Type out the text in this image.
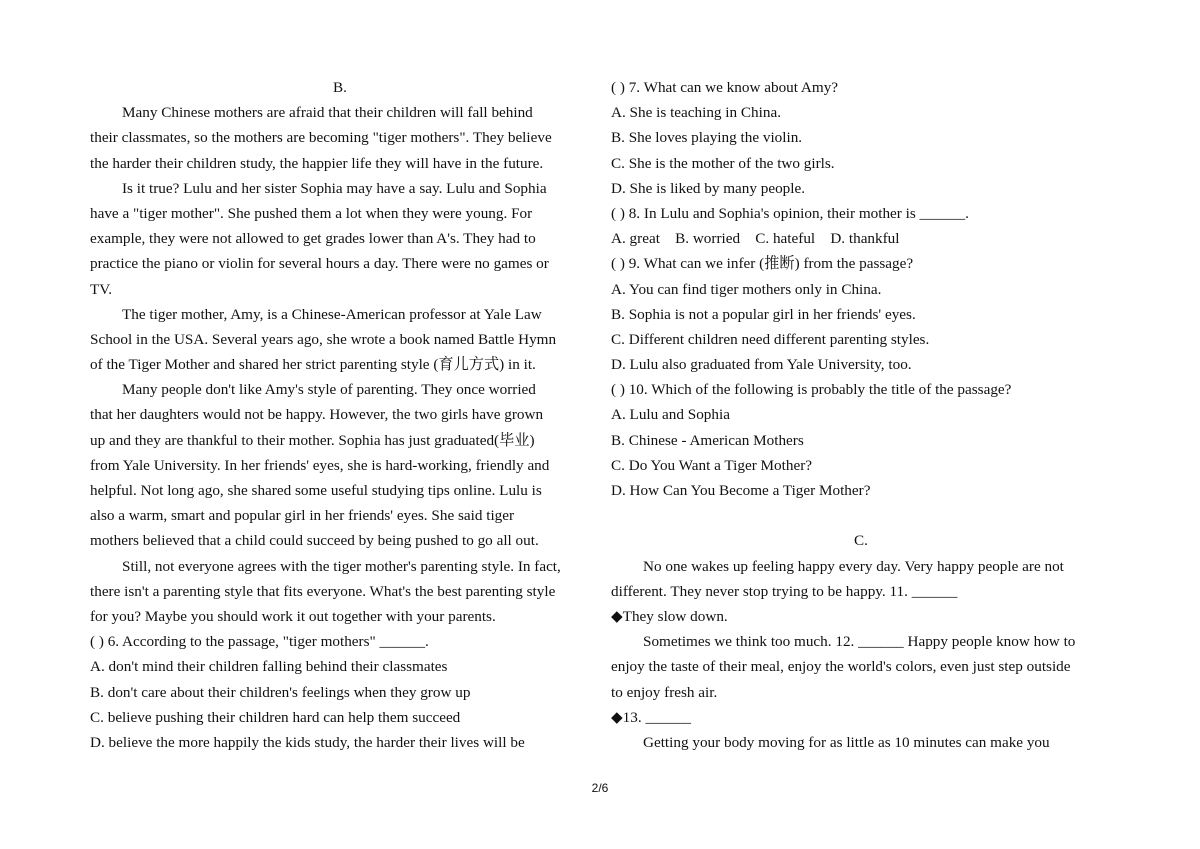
B.
Many Chinese mothers are afraid that their children will fall behind
their classmates, so the mothers are becoming "tiger mothers". They believe
the harder their children study, the happier life they will have in the future.
Is it true? Lulu and her sister Sophia may have a say. Lulu and Sophia
have a "tiger mother". She pushed them a lot when they were young. For
example, they were not allowed to get grades lower than A's. They had to
practice the piano or violin for several hours a day. There were no games or
TV.
The tiger mother, Amy, is a Chinese-American professor at Yale Law
School in the USA. Several years ago, she wrote a book named Battle Hymn
of the Tiger Mother and shared her strict parenting style (育儿方式) in it.
Many people don't like Amy's style of parenting. They once worried
that her daughters would not be happy. However, the two girls have grown
up and they are thankful to their mother. Sophia has just graduated(毕业)
from Yale University. In her friends' eyes, she is hard-working, friendly and
helpful. Not long ago, she shared some useful studying tips online. Lulu is
also a warm, smart and popular girl in her friends' eyes. She said tiger
mothers believed that a child could succeed by being pushed to go all out.
Still, not everyone agrees with the tiger mother's parenting style. In fact,
there isn't a parenting style that fits everyone. What's the best parenting style
for you? Maybe you should work it out together with your parents.
( ) 6. According to the passage, "tiger mothers" ______.
A. don't mind their children falling behind their classmates
B. don't care about their children's feelings when they grow up
C. believe pushing their children hard can help them succeed
D. believe the more happily the kids study, the harder their lives will be
( ) 7. What can we know about Amy?
A. She is teaching in China.
B. She loves playing the violin.
C. She is the mother of the two girls.
D. She is liked by many people.
( ) 8. In Lulu and Sophia's opinion, their mother is ______.
A. great    B. worried    C. hateful    D. thankful
( ) 9. What can we infer (推断) from the passage?
A. You can find tiger mothers only in China.
B. Sophia is not a popular girl in her friends' eyes.
C. Different children need different parenting styles.
D. Lulu also graduated from Yale University, too.
( ) 10. Which of the following is probably the title of the passage?
A. Lulu and Sophia
B. Chinese - American Mothers
C. Do You Want a Tiger Mother?
D. How Can You Become a Tiger Mother?
C.
No one wakes up feeling happy every day. Very happy people are not
different. They never stop trying to be happy. 11. ______
◆They slow down.
Sometimes we think too much. 12. ______ Happy people know how to
enjoy the taste of their meal, enjoy the world's colors, even just step outside
to enjoy fresh air.
◆13. ______
Getting your body moving for as little as 10 minutes can make you
2/6
